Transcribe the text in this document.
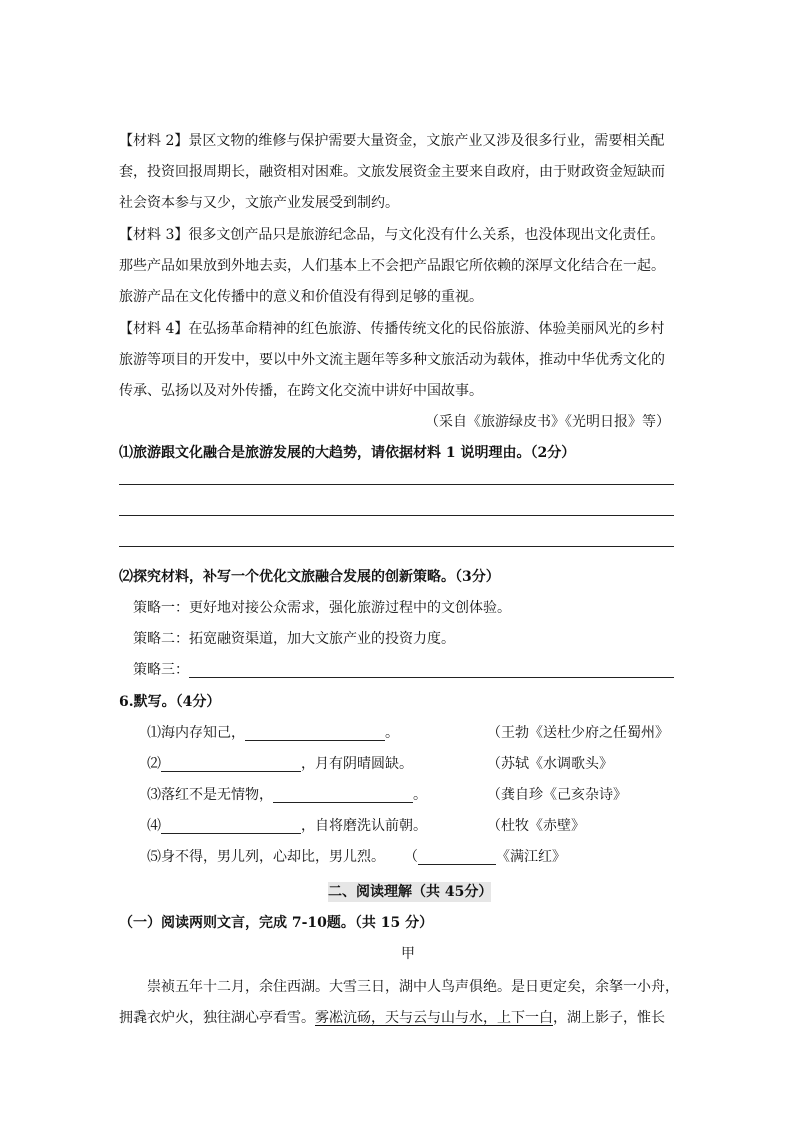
【材料 2】景区文物的维修与保护需要大量资金，文旅产业又涉及很多行业，需要相关配
套，投资回报周期长，融资相对困难。文旅发展资金主要来自政府，由于财政资金短缺而
社会资本参与又少，文旅产业发展受到制约。
【材料 3】很多文创产品只是旅游纪念品，与文化没有什么关系，也没体现出文化责任。
那些产品如果放到外地去卖，人们基本上不会把产品跟它所依赖的深厚文化结合在一起。
旅游产品在文化传播中的意义和价值没有得到足够的重视。
【材料 4】在弘扬革命精神的红色旅游、传播传统文化的民俗旅游、体验美丽风光的乡村
旅游等项目的开发中，要以中外文流主题年等多种文旅活动为载体，推动中华优秀文化的
传承、弘扬以及对外传播，在跨文化交流中讲好中国故事。
（采自《旅游绿皮书》《光明日报》等）
⑴旅游跟文化融合是旅游发展的大趋势，请依据材料 1 说明理由。（2分）
⑵探究材料，补写一个优化文旅融合发展的创新策略。（3分）
策略一：更好地对接公众需求，强化旅游过程中的文创体验。
策略二：拓宽融资渠道，加大文旅产业的投资力度。
策略三：
6.默写。（4分）
⑴海内存知己，	。	（王勃《送杜少府之任蜀州》
⑵	，月有阴晴圆缺。	（苏轼《水调歌头》
⑶落红不是无情物，	。	（龚自珍《己亥杂诗》
⑷	，自将磨洗认前朝。	（杜牧《赤壁》
⑸身不得，男儿列，心却比，男儿烈。 （	《满江红》
二、阅读理解（共 45分）
（一）阅读两则文言，完成 7-10题。（共 15 分）
甲
崇祯五年十二月，余住西湖。大雪三日，湖中人鸟声俱绝。是日更定矣，余拏一小舟，
拥毳衣炉火，独往湖心亭看雪。雾凇沆砀，天与云与山与水，上下一白，湖上影子，惟长
